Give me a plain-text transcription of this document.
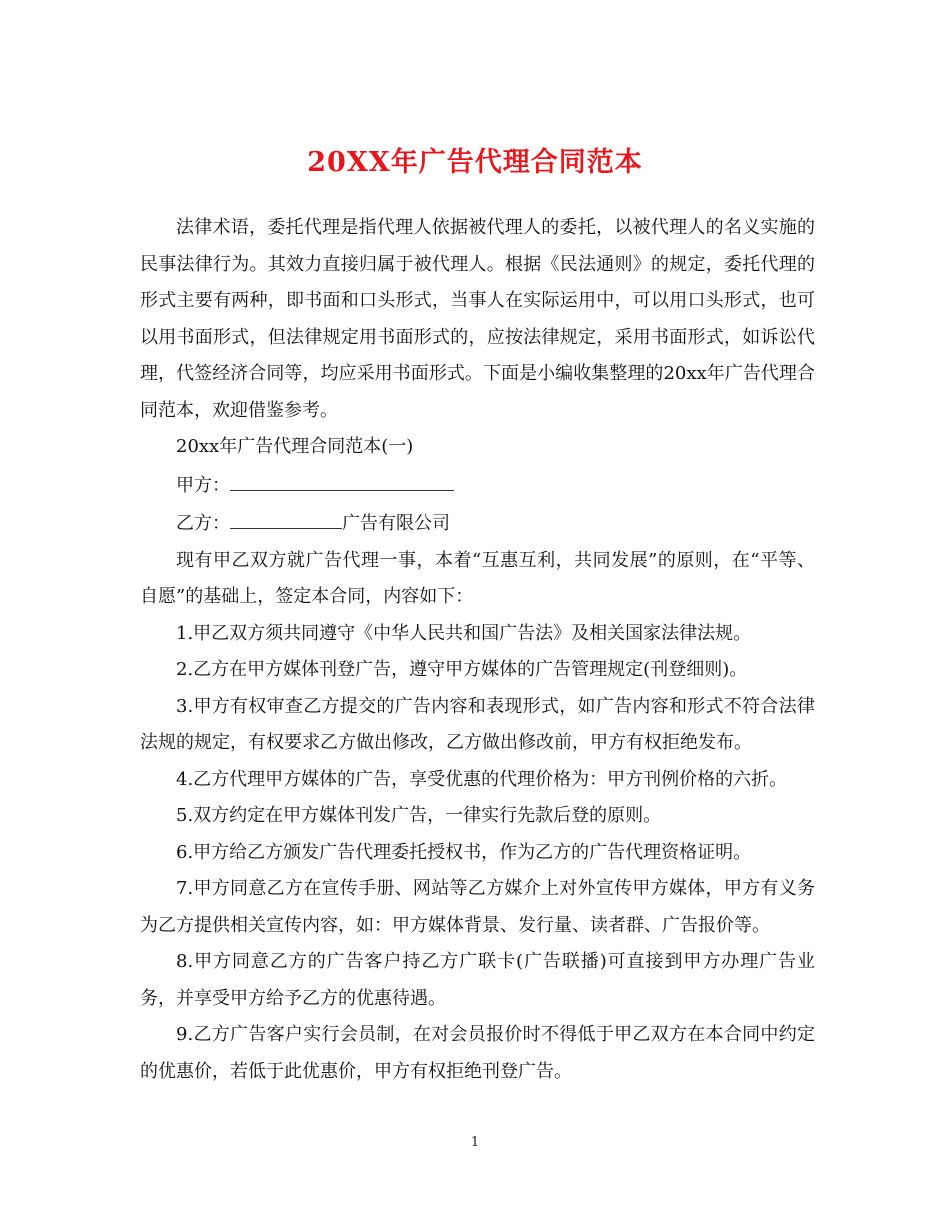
20XX年广告代理合同范本

法律术语，委托代理是指代理人依据被代理人的委托，以被代理人的名义实施的民事法律行为。其效力直接归属于被代理人。根据《民法通则》的规定，委托代理的形式主要有两种，即书面和口头形式，当事人在实际运用中，可以用口头形式，也可以用书面形式，但法律规定用书面形式的，应按法律规定，采用书面形式，如诉讼代理，代签经济合同等，均应采用书面形式。下面是小编收集整理的20xx年广告代理合同范本，欢迎借鉴参考。

20xx年广告代理合同范本(一)

甲方：

乙方：	广告有限公司

现有甲乙双方就广告代理一事，本着“互惠互利，共同发展”的原则，在“平等、自愿”的基础上，签定本合同，内容如下：

1.甲乙双方须共同遵守《中华人民共和国广告法》及相关国家法律法规。

2.乙方在甲方媒体刊登广告，遵守甲方媒体的广告管理规定(刊登细则)。

3.甲方有权审查乙方提交的广告内容和表现形式，如广告内容和形式不符合法律法规的规定，有权要求乙方做出修改，乙方做出修改前，甲方有权拒绝发布。

4.乙方代理甲方媒体的广告，享受优惠的代理价格为：甲方刊例价格的六折。

5.双方约定在甲方媒体刊发广告，一律实行先款后登的原则。

6.甲方给乙方颁发广告代理委托授权书，作为乙方的广告代理资格证明。

7.甲方同意乙方在宣传手册、网站等乙方媒介上对外宣传甲方媒体，甲方有义务为乙方提供相关宣传内容，如：甲方媒体背景、发行量、读者群、广告报价等。

8.甲方同意乙方的广告客户持乙方广联卡(广告联播)可直接到甲方办理广告业务，并享受甲方给予乙方的优惠待遇。

9.乙方广告客户实行会员制，在对会员报价时不得低于甲乙双方在本合同中约定的优惠价，若低于此优惠价，甲方有权拒绝刊登广告。

1
